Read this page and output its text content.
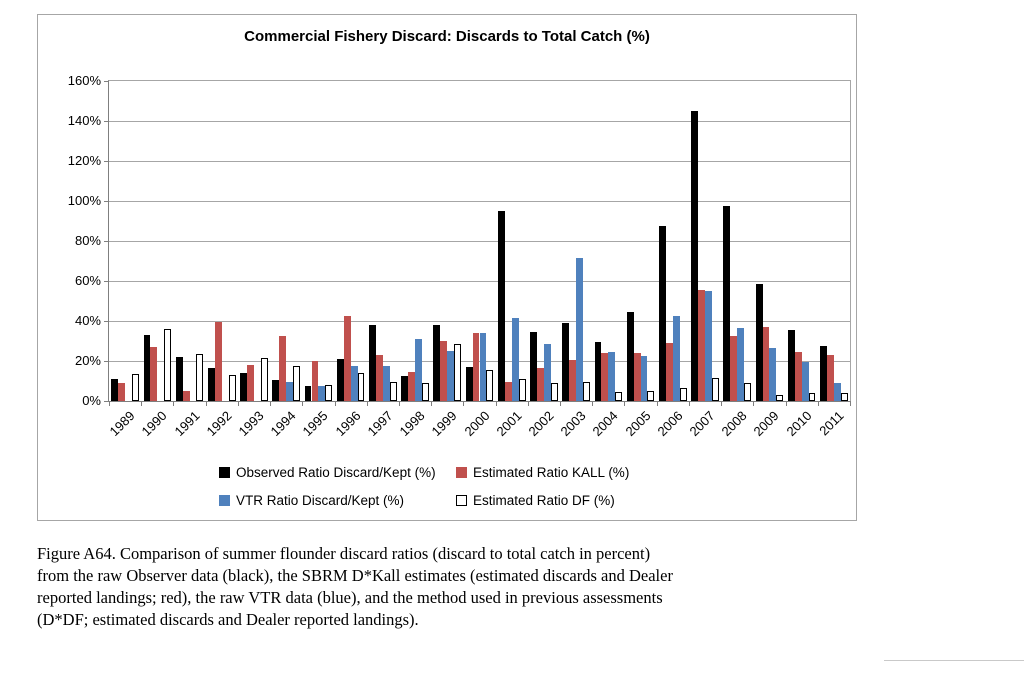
Commercial Fishery Discard: Discards to Total Catch (%)
160%
140%
120%
100%
80%
60%
40%
20%
0%
1989 1990 1991 1992 1993 1994 1995 1996 1997 1998 1999 2000 2001 2002 2003 2004 2005 2006 2007 2008 2009 2010 2011
Observed Ratio Discard/Kept (%)	Estimated Ratio KALL (%)
VTR Ratio Discard/Kept (%)	Estimated Ratio DF (%)
Figure A64. Comparison of summer flounder discard ratios (discard to total catch in percent)
from the raw Observer data (black), the SBRM D*Kall estimates (estimated discards and Dealer
reported landings; red), the raw VTR data (blue), and the method used in previous assessments
(D*DF; estimated discards and Dealer reported landings).
